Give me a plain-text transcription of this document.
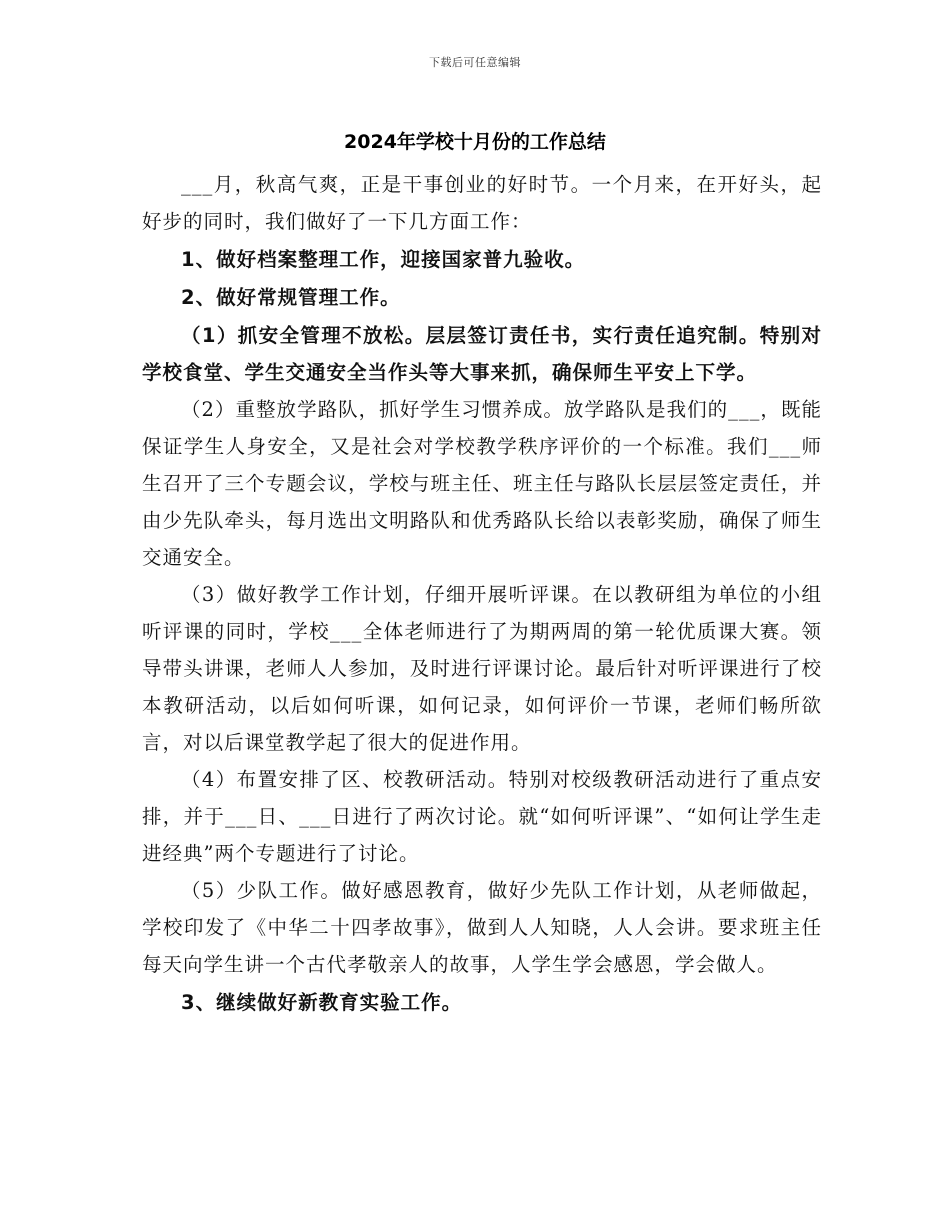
下载后可任意编辑
2024年学校十月份的工作总结

___月，秋高气爽，正是干事创业的好时节。一个月来，在开好头，起好步的同时，我们做好了一下几方面工作：

1、做好档案整理工作，迎接国家普九验收。

2、做好常规管理工作。

（1）抓安全管理不放松。层层签订责任书，实行责任追究制。特别对学校食堂、学生交通安全当作头等大事来抓，确保师生平安上下学。

（2）重整放学路队，抓好学生习惯养成。放学路队是我们的___，既能保证学生人身安全，又是社会对学校教学秩序评价的一个标准。我们___师生召开了三个专题会议，学校与班主任、班主任与路队长层层签定责任，并由少先队牵头，每月选出文明路队和优秀路队长给以表彰奖励，确保了师生交通安全。

（3）做好教学工作计划，仔细开展听评课。在以教研组为单位的小组听评课的同时，学校___全体老师进行了为期两周的第一轮优质课大赛。领导带头讲课，老师人人参加，及时进行评课讨论。最后针对听评课进行了校本教研活动，以后如何听课，如何记录，如何评价一节课，老师们畅所欲言，对以后课堂教学起了很大的促进作用。

（4）布置安排了区、校教研活动。特别对校级教研活动进行了重点安排，并于___日、___日进行了两次讨论。就“如何听评课”、“如何让学生走进经典”两个专题进行了讨论。

（5）少队工作。做好感恩教育，做好少先队工作计划，从老师做起，学校印发了《中华二十四孝故事》，做到人人知晓，人人会讲。要求班主任每天向学生讲一个古代孝敬亲人的故事，人学生学会感恩，学会做人。

3、继续做好新教育实验工作。
